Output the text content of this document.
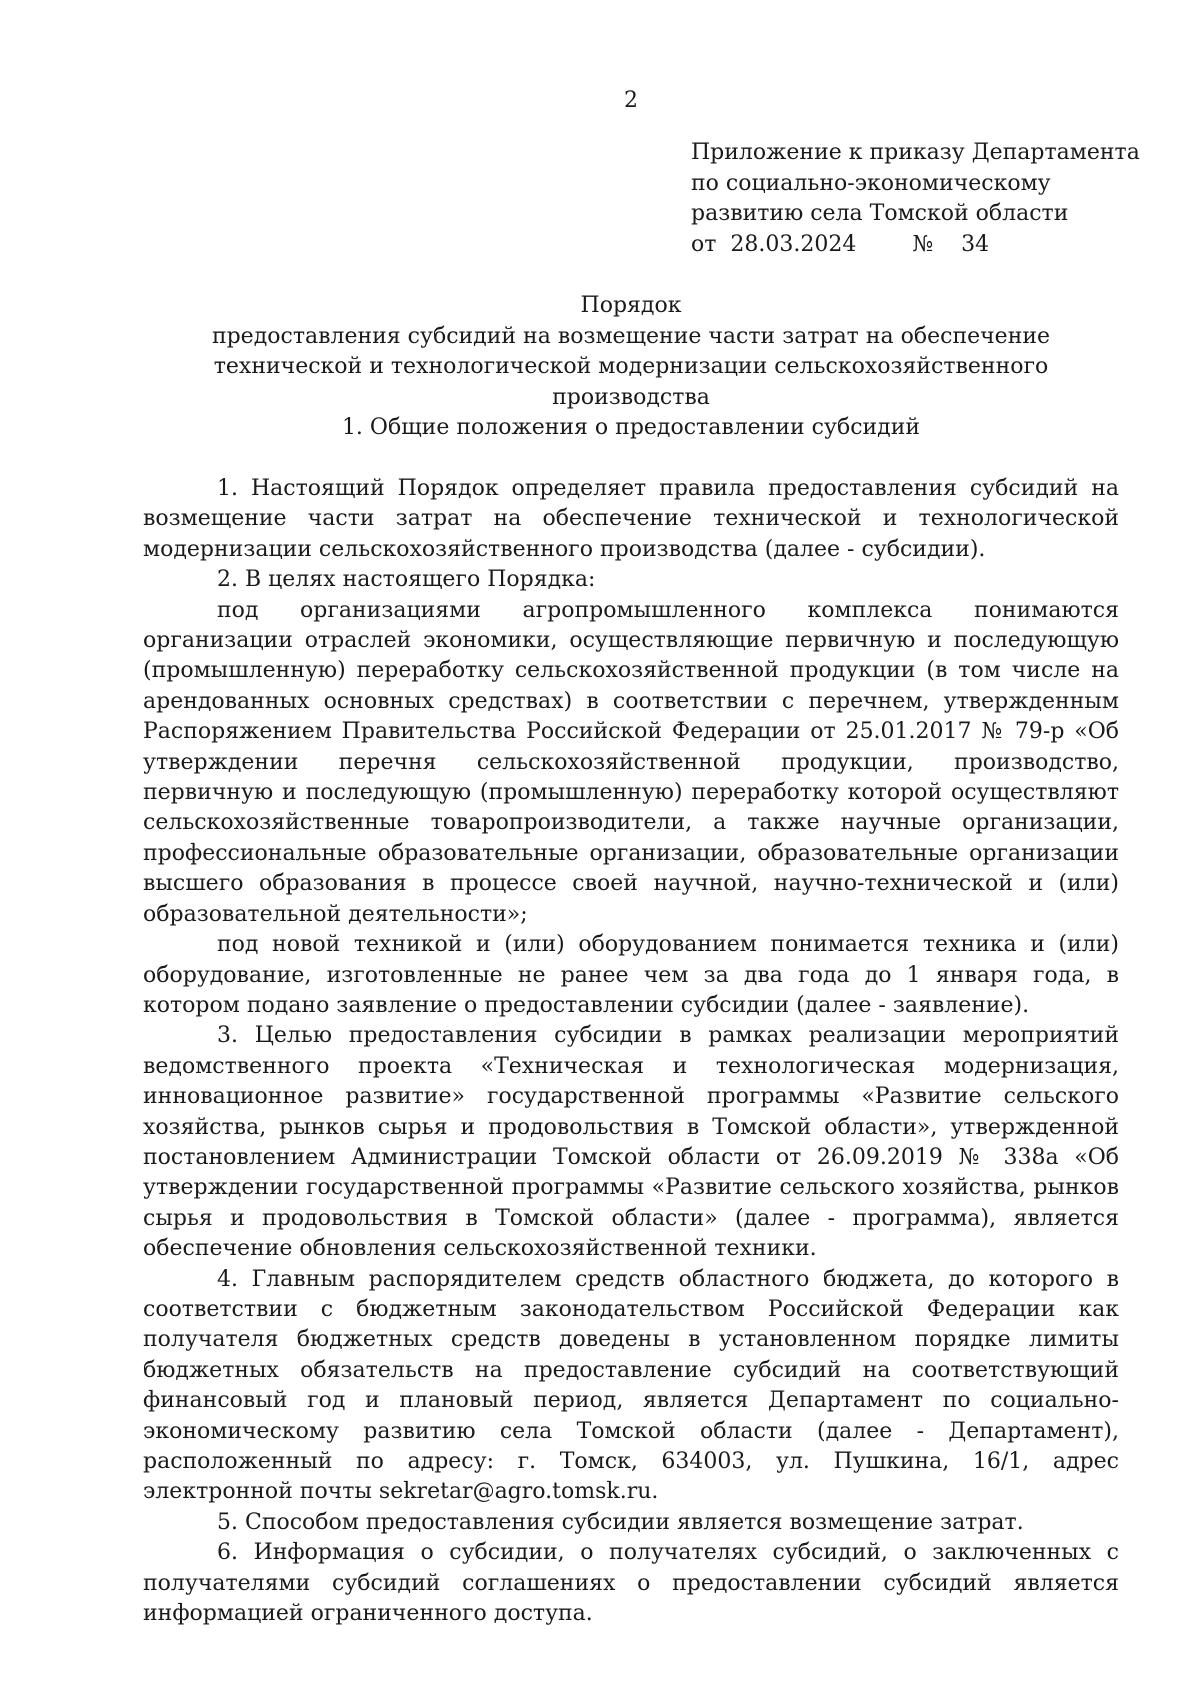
2
Приложение к приказу Департамента
по социально-экономическому
развитию села Томской области
от 28.03.2024	№ 34
Порядок
предоставления субсидий на возмещение части затрат на обеспечение технической и технологической модернизации сельскохозяйственного производства
1. Общие положения о предоставлении субсидий

1. Настоящий Порядок определяет правила предоставления субсидий на возмещение части затрат на обеспечение технической и технологической модернизации сельскохозяйственного производства (далее - субсидии).

2. В целях настоящего Порядка:

под организациями агропромышленного комплекса понимаются организации отраслей экономики, осуществляющие первичную и последующую (промышленную) переработку сельскохозяйственной продукции (в том числе на арендованных основных средствах) в соответствии с перечнем, утвержденным Распоряжением Правительства Российской Федерации от 25.01.2017 № 79-р «Об утверждении перечня сельскохозяйственной продукции, производство, первичную и последующую (промышленную) переработку которой осуществляют сельскохозяйственные товаропроизводители, а также научные организации, профессиональные образовательные организации, образовательные организации высшего образования в процессе своей научной, научно-технической и (или) образовательной деятельности»;

под новой техникой и (или) оборудованием понимается техника и (или) оборудование, изготовленные не ранее чем за два года до 1 января года, в котором подано заявление о предоставлении субсидии (далее - заявление).

3. Целью предоставления субсидии в рамках реализации мероприятий ведомственного проекта «Техническая и технологическая модернизация, инновационное развитие» государственной программы «Развитие сельского хозяйства, рынков сырья и продовольствия в Томской области», утвержденной постановлением Администрации Томской области от 26.09.2019 № 338а «Об утверждении государственной программы «Развитие сельского хозяйства, рынков сырья и продовольствия в Томской области» (далее - программа), является обеспечение обновления сельскохозяйственной техники.

4. Главным распорядителем средств областного бюджета, до которого в соответствии с бюджетным законодательством Российской Федерации как получателя бюджетных средств доведены в установленном порядке лимиты бюджетных обязательств на предоставление субсидий на соответствующий финансовый год и плановый период, является Департамент по социально-экономическому развитию села Томской области (далее - Департамент), расположенный по адресу: г. Томск, 634003, ул. Пушкина, 16/1, адрес электронной почты sekretar@agro.tomsk.ru.

5. Способом предоставления субсидии является возмещение затрат.

6. Информация о субсидии, о получателях субсидий, о заключенных с получателями субсидий соглашениях о предоставлении субсидий является информацией ограниченного доступа.
